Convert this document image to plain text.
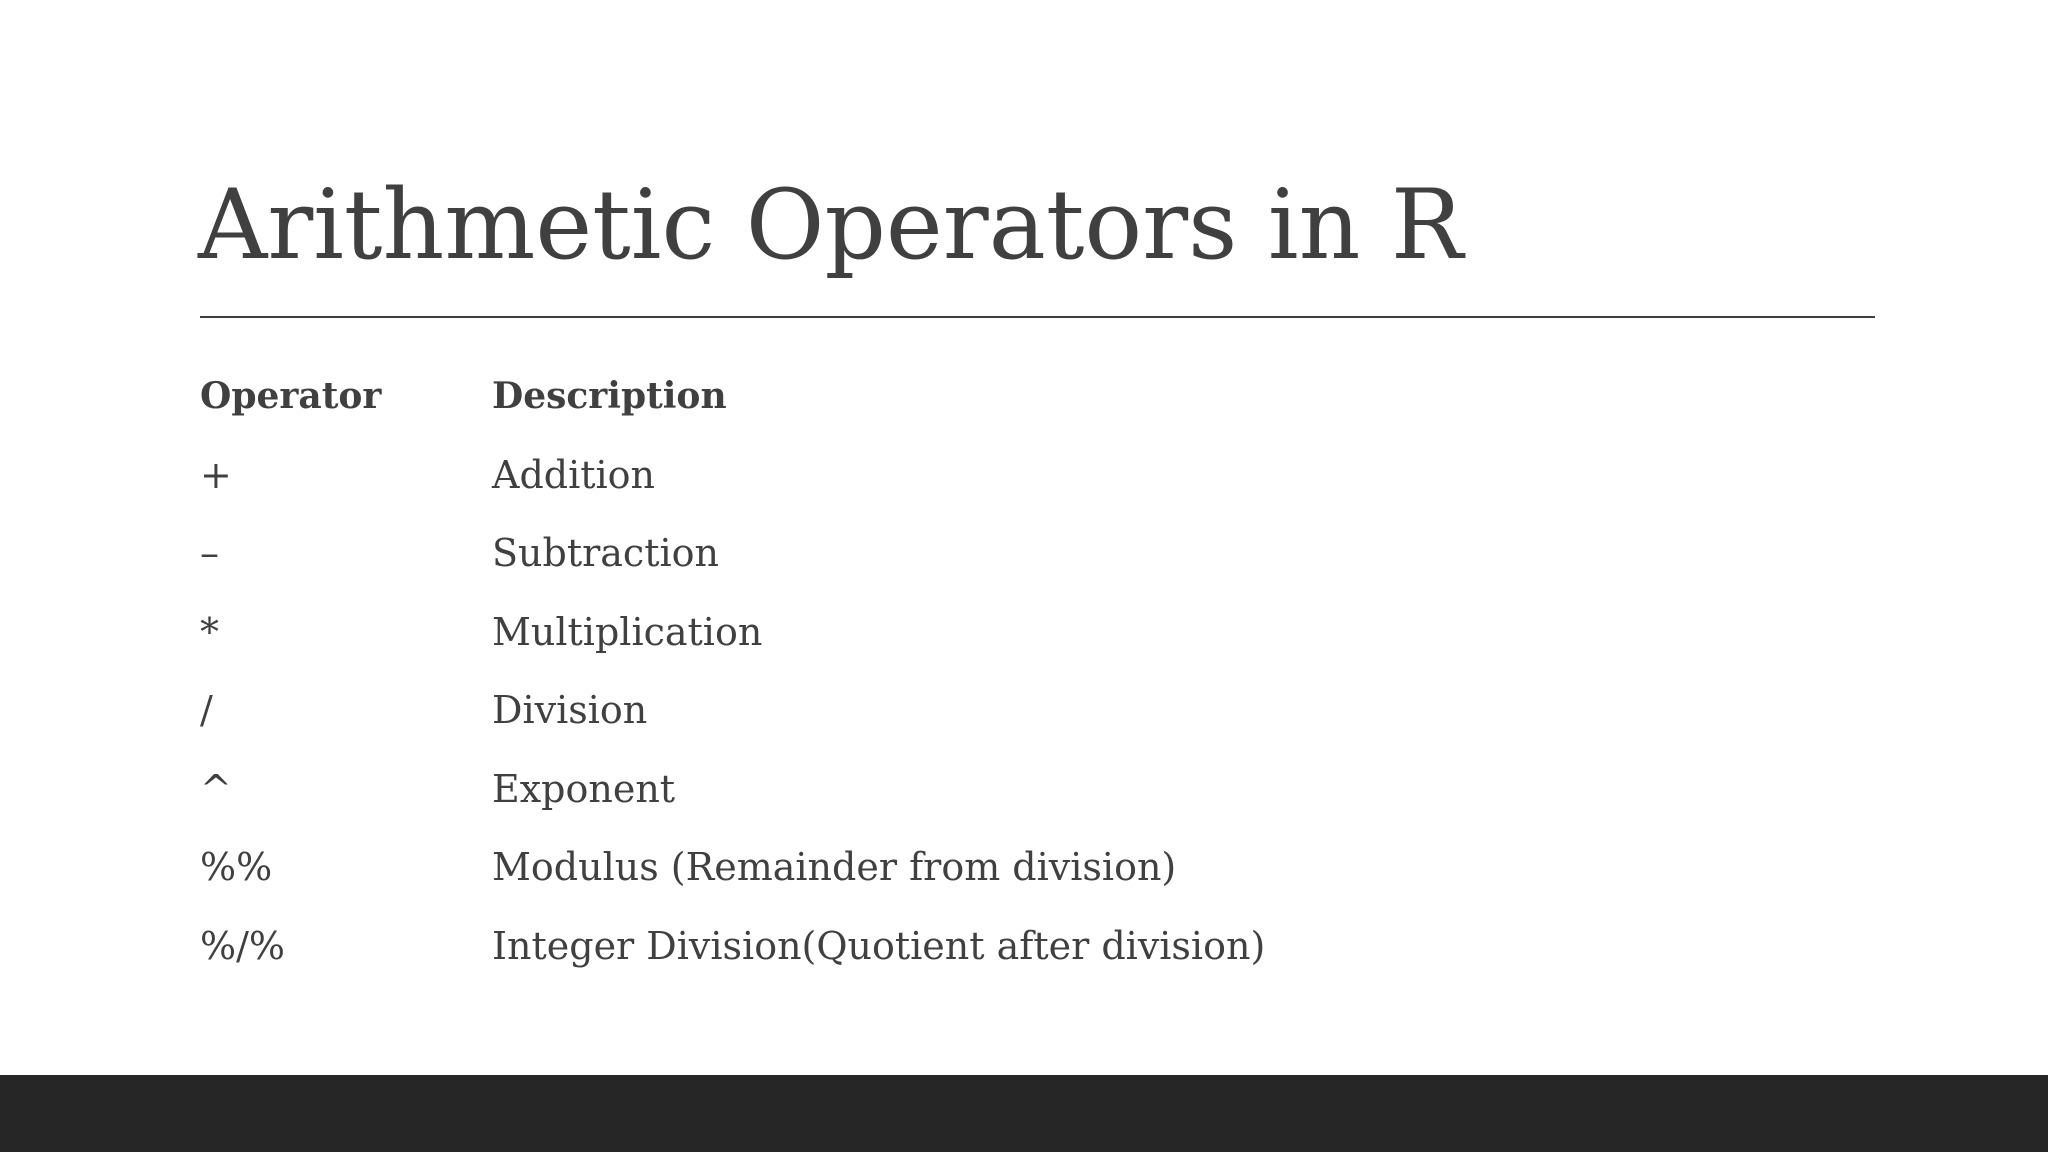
Arithmetic Operators in R
Operator	Description
+	Addition
–	Subtraction
*	Multiplication
/	Division
^	Exponent
%%	Modulus (Remainder from division)
%/%	Integer Division(Quotient after division)
